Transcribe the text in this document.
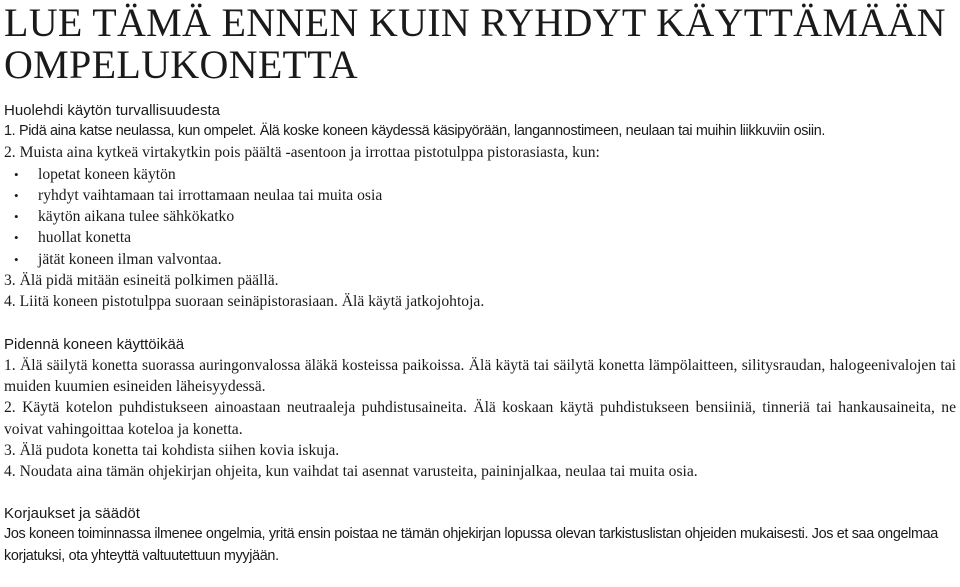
LUE TÄMÄ ENNEN KUIN RYHDYT KÄYTTÄMÄÄN
OMPELUKONETTA

Huolehdi käytön turvallisuudesta

1. Pidä aina katse neulassa, kun ompelet. Älä koske koneen käydessä käsipyörään, langannostimeen, neulaan tai muihin liikkuviin osiin.

2. Muista aina kytkeä virtakytkin pois päältä -asentoon ja irrottaa pistotulppa pistorasiasta, kun:

• lopetat koneen käytön
• ryhdyt vaihtamaan tai irrottamaan neulaa tai muita osia
• käytön aikana tulee sähkökatko
• huollat konetta
• jätät koneen ilman valvontaa.

3. Älä pidä mitään esineitä polkimen päällä.

4. Liitä koneen pistotulppa suoraan seinäpistorasiaan. Älä käytä jatkojohtoja.

Pidennä koneen käyttöikää

1. Älä säilytä konetta suorassa auringonvalossa äläkä kosteissa paikoissa. Älä käytä tai säilytä konetta lämpölaitteen, silitysraudan, halogeenivalojen tai muiden kuumien esineiden läheisyydessä.

2. Käytä kotelon puhdistukseen ainoastaan neutraaleja puhdistusaineita. Älä koskaan käytä puhdistukseen bensiiniä, tinneriä tai hankausaineita, ne voivat vahingoittaa koteloa ja konetta.

3. Älä pudota konetta tai kohdista siihen kovia iskuja.

4. Noudata aina tämän ohjekirjan ohjeita, kun vaihdat tai asennat varusteita, paininjalkaa, neulaa tai muita osia.

Korjaukset ja säädöt

Jos koneen toiminnassa ilmenee ongelmia, yritä ensin poistaa ne tämän ohjekirjan lopussa olevan tarkistuslistan ohjeiden mukaisesti. Jos et saa ongelmaa korjatuksi, ota yhteyttä valtuutettuun myyjään.
